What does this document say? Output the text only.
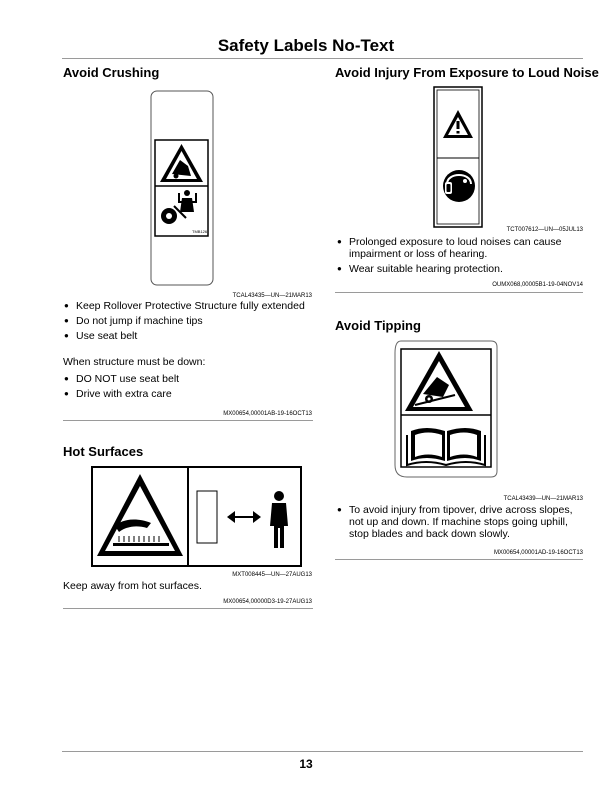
Safety Labels No-Text
Avoid Crushing
TMB126
TCAL43435—UN—21MAR13
● Keep Rollover Protective Structure fully extended
● Do not jump if machine tips
● Use seat belt
When structure must be down:
● DO NOT use seat belt
● Drive with extra care
MX00654,00001AB-19-16OCT13
Hot Surfaces
MXT008445—UN—27AUG13
Keep away from hot surfaces.
MX00654,00000D3-19-27AUG13
Avoid Injury From Exposure to Loud Noise
TCT007612—UN—05JUL13
● Prolonged exposure to loud noises can cause impairment or loss of hearing.
● Wear suitable hearing protection.
OUMX068,00005B1-19-04NOV14
Avoid Tipping
TCAL43439—UN—21MAR13
● To avoid injury from tipover, drive across slopes, not up and down. If machine stops going uphill, stop blades and back down slowly.
MX00654,00001AD-19-16OCT13
13
